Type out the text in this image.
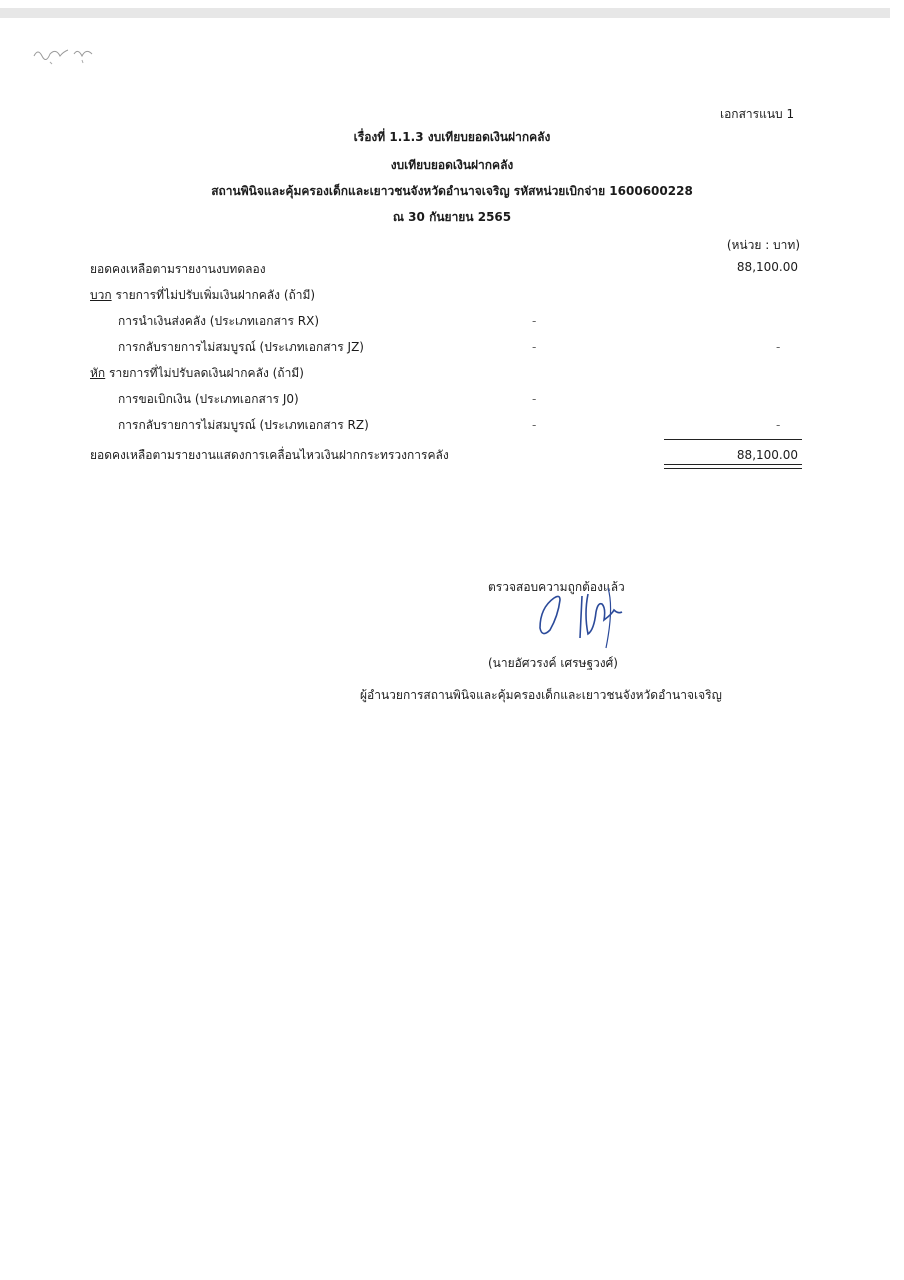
เอกสารแนบ 1
เรื่องที่ 1.1.3 งบเทียบยอดเงินฝากคลัง
งบเทียบยอดเงินฝากคลัง
สถานพินิจและคุ้มครองเด็กและเยาวชนจังหวัดอำนาจเจริญ รหัสหน่วยเบิกจ่าย 1600600228
ณ 30 กันยายน 2565
(หน่วย : บาท)
ยอดคงเหลือตามรายงานงบทดลอง	88,100.00
บวก รายการที่ไม่ปรับเพิ่มเงินฝากคลัง (ถ้ามี)
การนำเงินส่งคลัง (ประเภทเอกสาร RX)	-
การกลับรายการไม่สมบูรณ์ (ประเภทเอกสาร JZ)	-	-
หัก รายการที่ไม่ปรับลดเงินฝากคลัง (ถ้ามี)
การขอเบิกเงิน (ประเภทเอกสาร J0)	-
การกลับรายการไม่สมบูรณ์ (ประเภทเอกสาร RZ)	-	-
ยอดคงเหลือตามรายงานแสดงการเคลื่อนไหวเงินฝากกระทรวงการคลัง	88,100.00
ตรวจสอบความถูกต้องแล้ว
(นายอัศวรงค์ เศรษฐวงศ์)
ผู้อำนวยการสถานพินิจและคุ้มครองเด็กและเยาวชนจังหวัดอำนาจเจริญ
